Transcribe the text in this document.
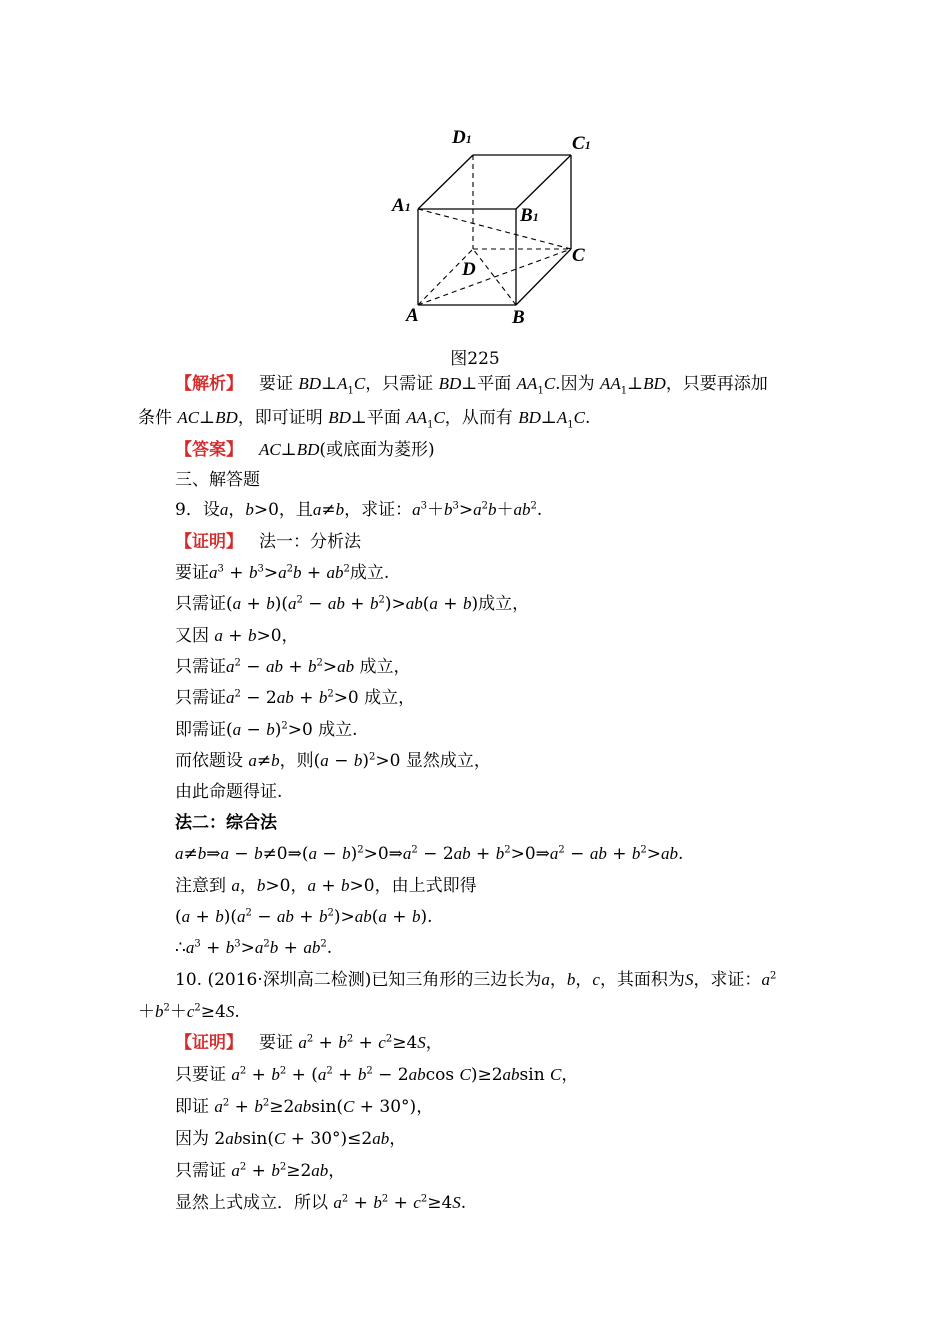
D1	C1
A1	B1
C
D
A	B
图225
【解析】 要证 $BD\perp A_1C$，只需证 BD⊥平面 $AA_1C$.因为 $AA_1\perp BD$，只要再添加
条件 AC⊥BD，即可证明 BD⊥平面 $AA_1C$，从而有 $BD\perp A_1C$.
【答案】 AC⊥BD(或底面为菱形)
三、解答题
9．设a，b>0，且a≠b，求证：$a^3+b^3>a^2b+ab^2$.
【证明】 法一：分析法
要证$a^3 + b^3>a^2b + ab^2$成立.
只需证$(a + b)(a^2$ − ab + $b^2)>ab(a + b)$成立，
又因 a + b>0，
只需证$a^2$ − ab + $b^2>ab$ 成立，
只需证$a^2 - 2ab + b^2>0$ 成立，
即需证$(a - b)^2>0$ 成立.
而依题设 a≠b，则$(a - b)^2>0$ 显然成立，
由此命题得证.
法二：综合法
a≠b⇒a − b≠0⇒(a − $b)^2>0\Rightarrow a^2 - 2ab$ + $b^2>0\Rightarrow a^2$ − ab + $b^2>ab$.
注意到 a，b>0，a + b>0，由上式即得
$(a + b)(a^2$ − ab + $b^2)>ab(a + b)$.
$\therefore a^3 + b^3>a^2b + ab^2$.
10. (2016·深圳高二检测)已知三角形的三边长为a，b，c，其面积为S，求证：$a^2$
$+b^2+c^2\ge 4S$.
【证明】 要证 $a^2 + b^2 + c^2\ge 4S$，
只要证 $a^2 + b^2 + (a^2 + b^2 - 2abcos$ C)≥2absin C，
即证 $a^2 + b^2\ge 2absin(C + 30^\circ)$，
因为 2absin(C + 30°)≤2ab，
只需证 $a^2 + b^2\ge 2ab$，
显然上式成立．所以 $a^2 + b^2 + c^2\ge 4S$.
